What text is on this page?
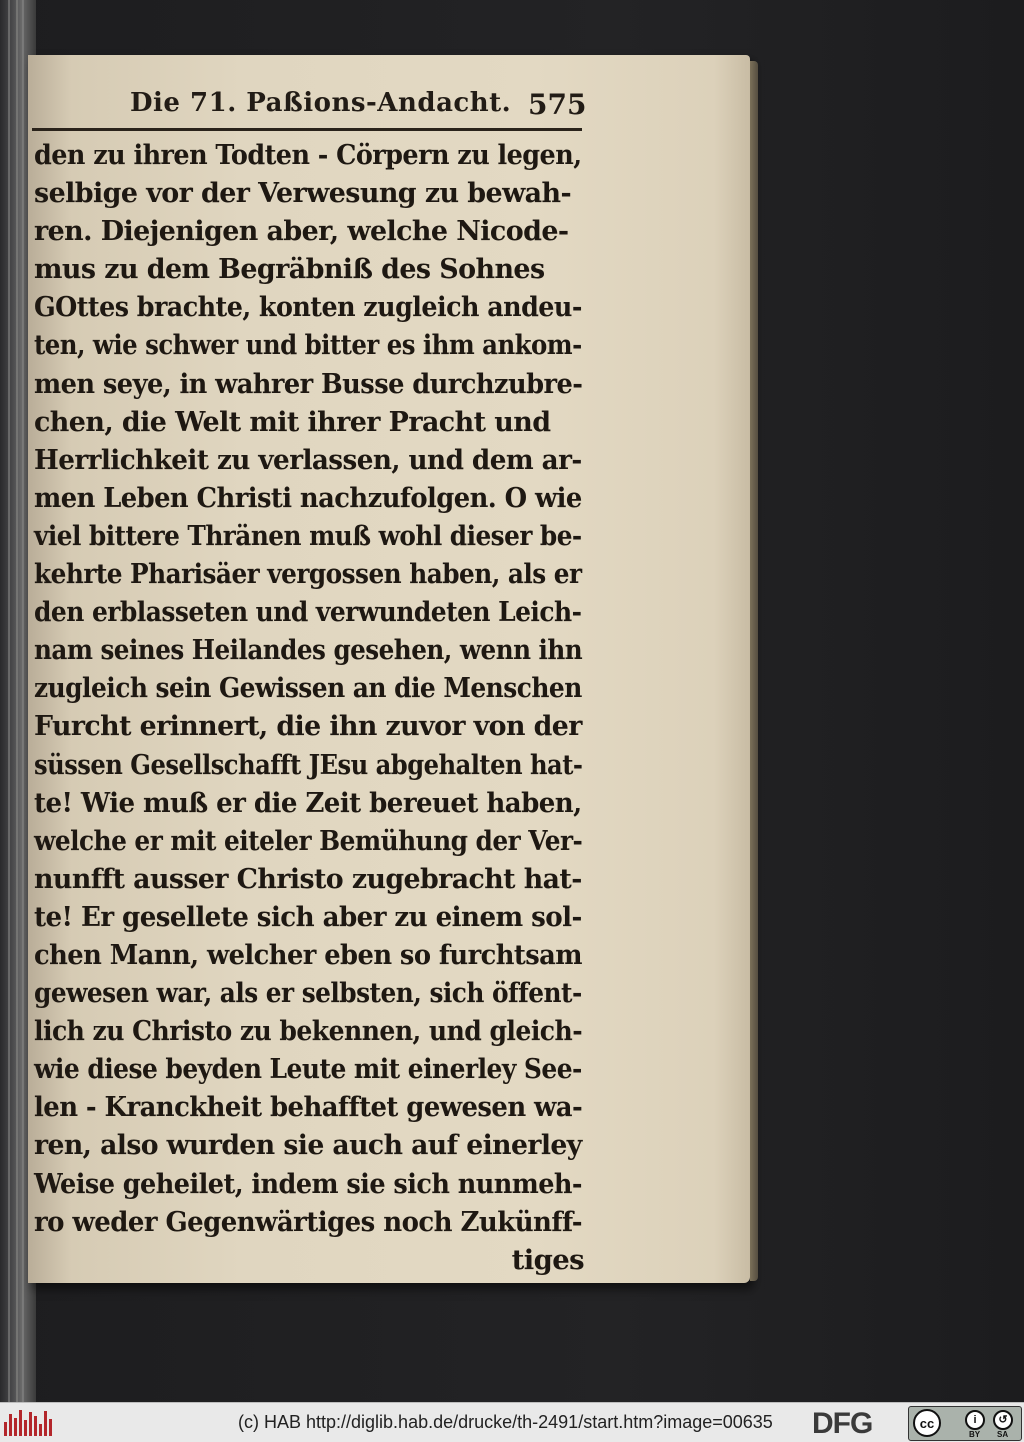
Die 71. Paßions-Andacht. 575
den zu ihren Todten - Cörpern zu legen,
selbige vor der Verwesung zu bewah-
ren. Diejenigen aber, welche Nicode-
mus zu dem Begräbniß des Sohnes
GOttes brachte, konten zugleich andeu-
ten, wie schwer und bitter es ihm ankom-
men seye, in wahrer Busse durchzubre-
chen, die Welt mit ihrer Pracht und
Herrlichkeit zu verlassen, und dem ar-
men Leben Christi nachzufolgen. O wie
viel bittere Thränen muß wohl dieser be-
kehrte Pharisäer vergossen haben, als er
den erblasseten und verwundeten Leich-
nam seines Heilandes gesehen, wenn ihn
zugleich sein Gewissen an die Menschen
Furcht erinnert, die ihn zuvor von der
süssen Gesellschafft JEsu abgehalten hat-
te! Wie muß er die Zeit bereuet haben,
welche er mit eiteler Bemühung der Ver-
nunfft ausser Christo zugebracht hat-
te! Er gesellete sich aber zu einem sol-
chen Mann, welcher eben so furchtsam
gewesen war, als er selbsten, sich öffent-
lich zu Christo zu bekennen, und gleich-
wie diese beyden Leute mit einerley See-
len - Kranckheit behafftet gewesen wa-
ren, also wurden sie auch auf einerley
Weise geheilet, indem sie sich nunmeh-
ro weder Gegenwärtiges noch Zukünff-
tiges
(c) HAB http://diglib.hab.de/drucke/th-2491/start.htm?image=00635 DFG	cc	i	↺
BY SA
